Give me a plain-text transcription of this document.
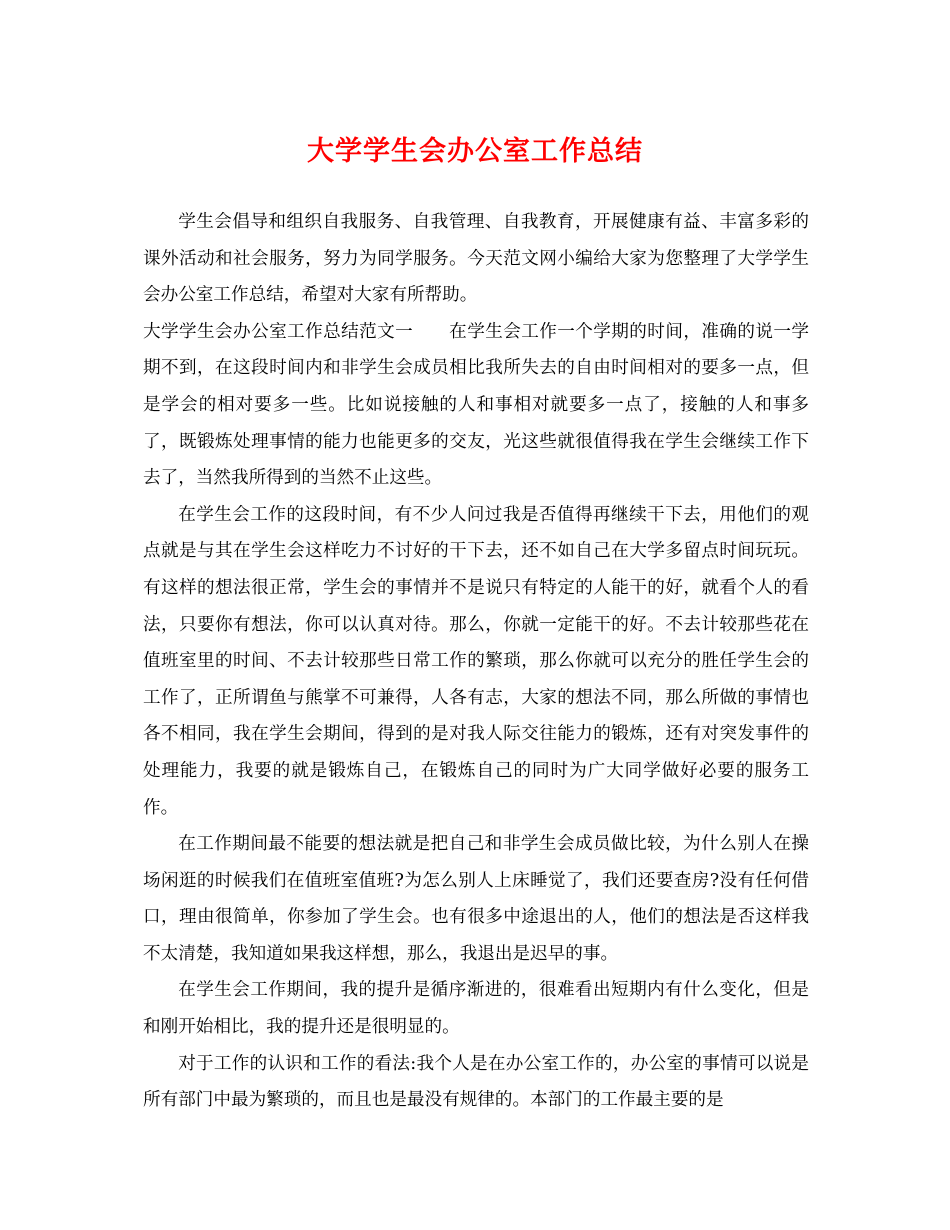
大学学生会办公室工作总结

学生会倡导和组织自我服务、自我管理、自我教育，开展健康有益、丰富多彩的课外活动和社会服务，努力为同学服务。今天范文网小编给大家为您整理了大学学生会办公室工作总结，希望对大家有所帮助。

大学学生会办公室工作总结范文一　　在学生会工作一个学期的时间，准确的说一学期不到，在这段时间内和非学生会成员相比我所失去的自由时间相对的要多一点，但是学会的相对要多一些。比如说接触的人和事相对就要多一点了，接触的人和事多了，既锻炼处理事情的能力也能更多的交友，光这些就很值得我在学生会继续工作下去了，当然我所得到的当然不止这些。

在学生会工作的这段时间，有不少人问过我是否值得再继续干下去，用他们的观点就是与其在学生会这样吃力不讨好的干下去，还不如自己在大学多留点时间玩玩。有这样的想法很正常，学生会的事情并不是说只有特定的人能干的好，就看个人的看法，只要你有想法，你可以认真对待。那么，你就一定能干的好。不去计较那些花在值班室里的时间、不去计较那些日常工作的繁琐，那么你就可以充分的胜任学生会的工作了，正所谓鱼与熊掌不可兼得，人各有志，大家的想法不同，那么所做的事情也各不相同，我在学生会期间，得到的是对我人际交往能力的锻炼，还有对突发事件的处理能力，我要的就是锻炼自己，在锻炼自己的同时为广大同学做好必要的服务工作。

在工作期间最不能要的想法就是把自己和非学生会成员做比较，为什么别人在操场闲逛的时候我们在值班室值班?为怎么别人上床睡觉了，我们还要查房?没有任何借口，理由很简单，你参加了学生会。也有很多中途退出的人，他们的想法是否这样我不太清楚，我知道如果我这样想，那么，我退出是迟早的事。

在学生会工作期间，我的提升是循序渐进的，很难看出短期内有什么变化，但是和刚开始相比，我的提升还是很明显的。

对于工作的认识和工作的看法:我个人是在办公室工作的，办公室的事情可以说是所有部门中最为繁琐的，而且也是最没有规律的。本部门的工作最主要的是
